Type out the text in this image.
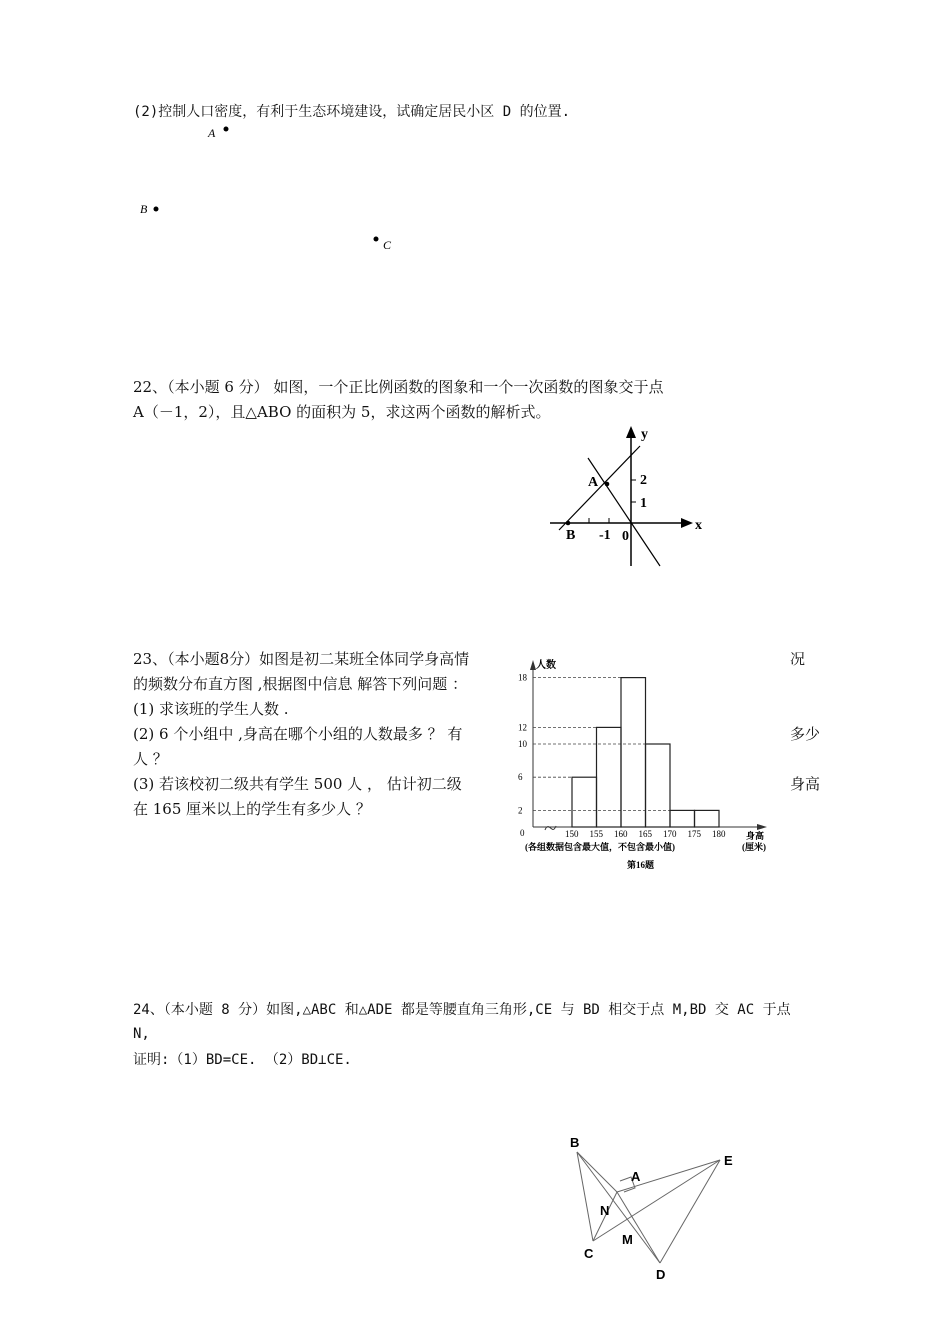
(2)控制人口密度，有利于生态环境建设，试确定居民小区 D 的位置.
A
B
C
22、（本小题 6 分） 如图，一个正比例函数的图象和一个一次函数的图象交于点
A（－1，2），且△ABO 的面积为 5，求这两个函数的解析式。
y
x
A
B
2
1
-1 0
23、（本小题8分）如图是初二某班全体同学身高情	况
的频数分布直方图 ,根据图中信息 解答下列问题 ：
(1) 求该班的学生人数 .
(2) 6 个小组中 ,身高在哪个小组的人数最多 ？ 有	多少
人 ？
(3) 若该校初二级共有学生 500 人 ， 估计初二级	身高
在 165 厘米以上的学生有多少人 ？
人数
0	身高
(厘米)
(各组数据包含最大值，不包含最小值)
第16题
2
6
10
12
18
150 155 160 165 170 175 180
24、（本小题 8 分）如图,△ABC 和△ADE 都是等腰直角三角形,CE 与 BD 相交于点 M,BD 交 AC 于点
N,
证明:（1）BD=CE. （2）BD⊥CE.
B
E
A
N
C
M
D
